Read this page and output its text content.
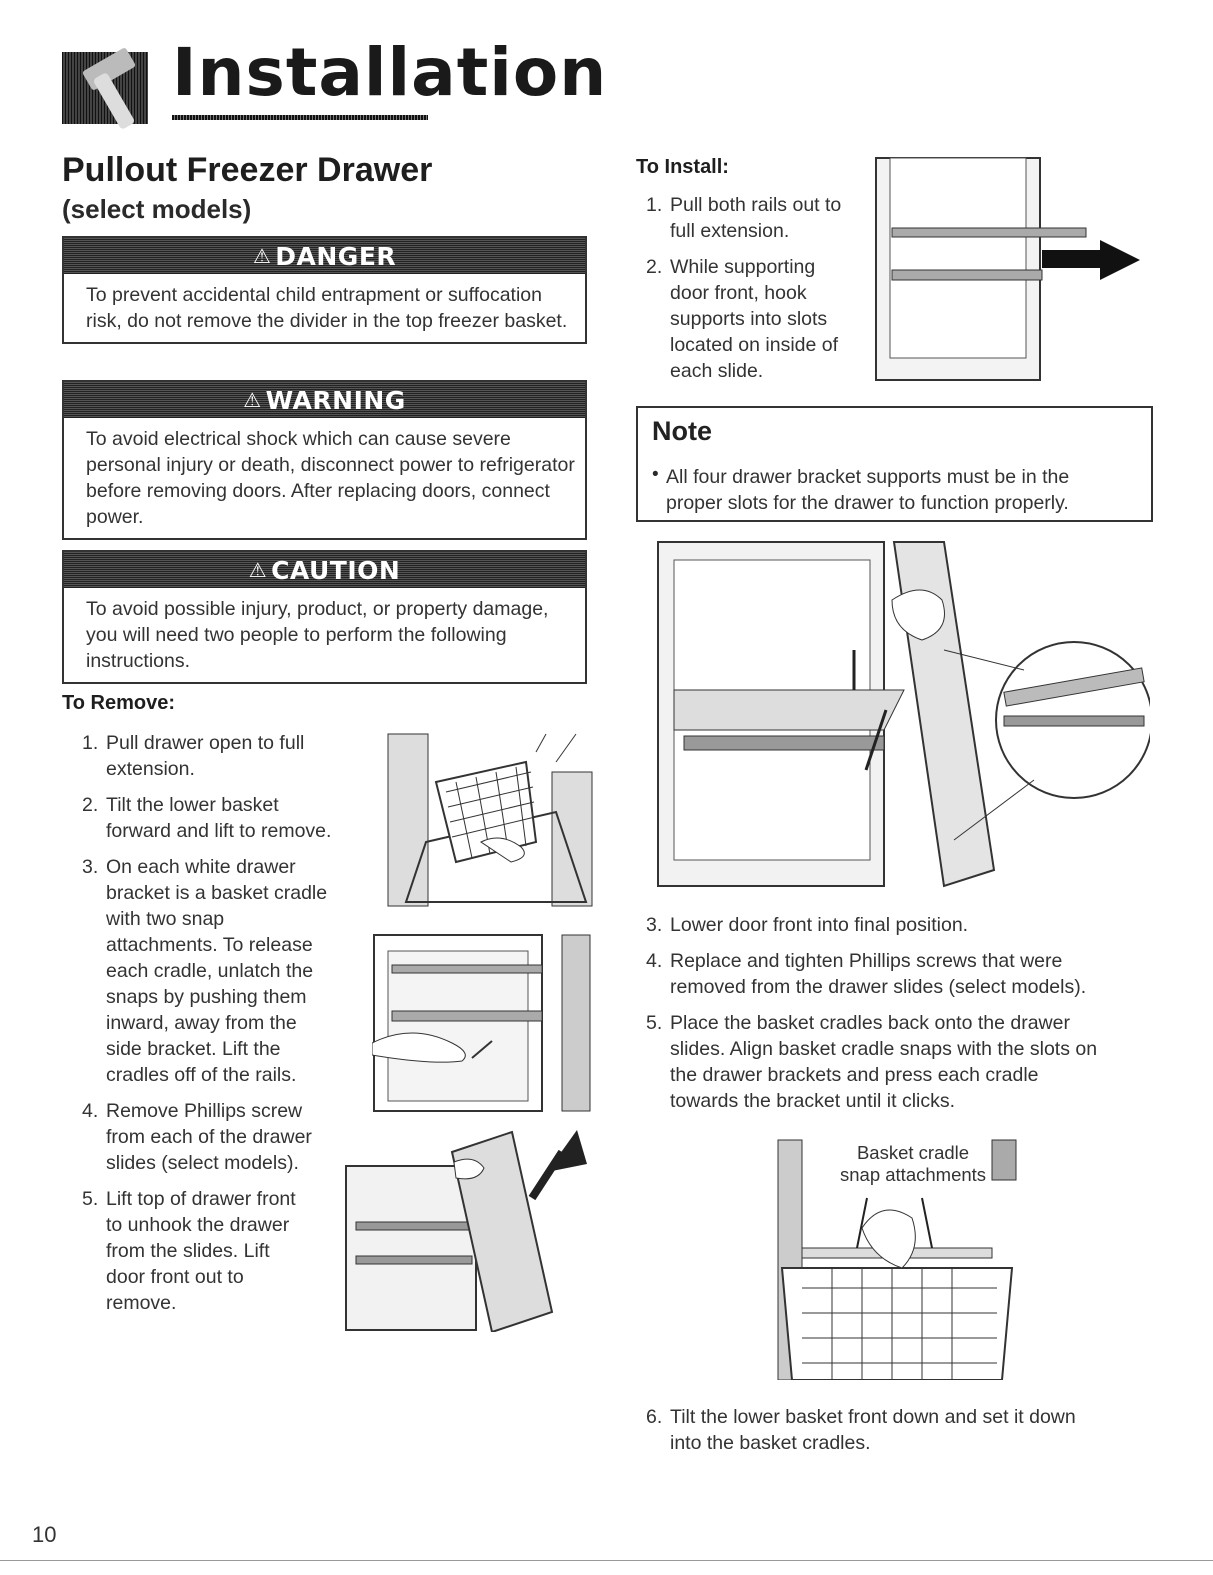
Installation
Pullout Freezer Drawer
(select models)
⚠ DANGER
To prevent accidental child entrapment or suffocation risk, do not remove the divider in the top freezer basket.
⚠ WARNING
To avoid electrical shock which can cause severe personal injury or death, disconnect power to refrigerator before removing doors. After replacing doors, connect power.
⚠ CAUTION
To avoid possible injury, product, or property damage, you will need two people to perform the following instructions.
To Remove:
1. Pull drawer open to full
extension.
2. Tilt the lower basket
forward and lift to remove.
3. On each white drawer
bracket is a basket cradle
with two snap
attachments. To release
each cradle, unlatch the
snaps by pushing them
inward, away from the
side bracket. Lift the
cradles off of the rails.
4. Remove Phillips screw
from each of the drawer
slides (select models).
5. Lift top of drawer front
to unhook the drawer
from the slides. Lift
door front out to
remove.
To Install:
1. Pull both rails out to
full extension.
2. While supporting
door front, hook
supports into slots
located on inside of
each slide.
Note
• All four drawer bracket supports must be in the
proper slots for the drawer to function properly.
3. Lower door front into final position.
4. Replace and tighten Phillips screws that were
removed from the drawer slides (select models).
5. Place the basket cradles back onto the drawer
slides. Align basket cradle snaps with the slots on
the drawer brackets and press each cradle
towards the bracket until it clicks.
Basket cradle
snap attachments
6. Tilt the lower basket front down and set it down
into the basket cradles.
10
